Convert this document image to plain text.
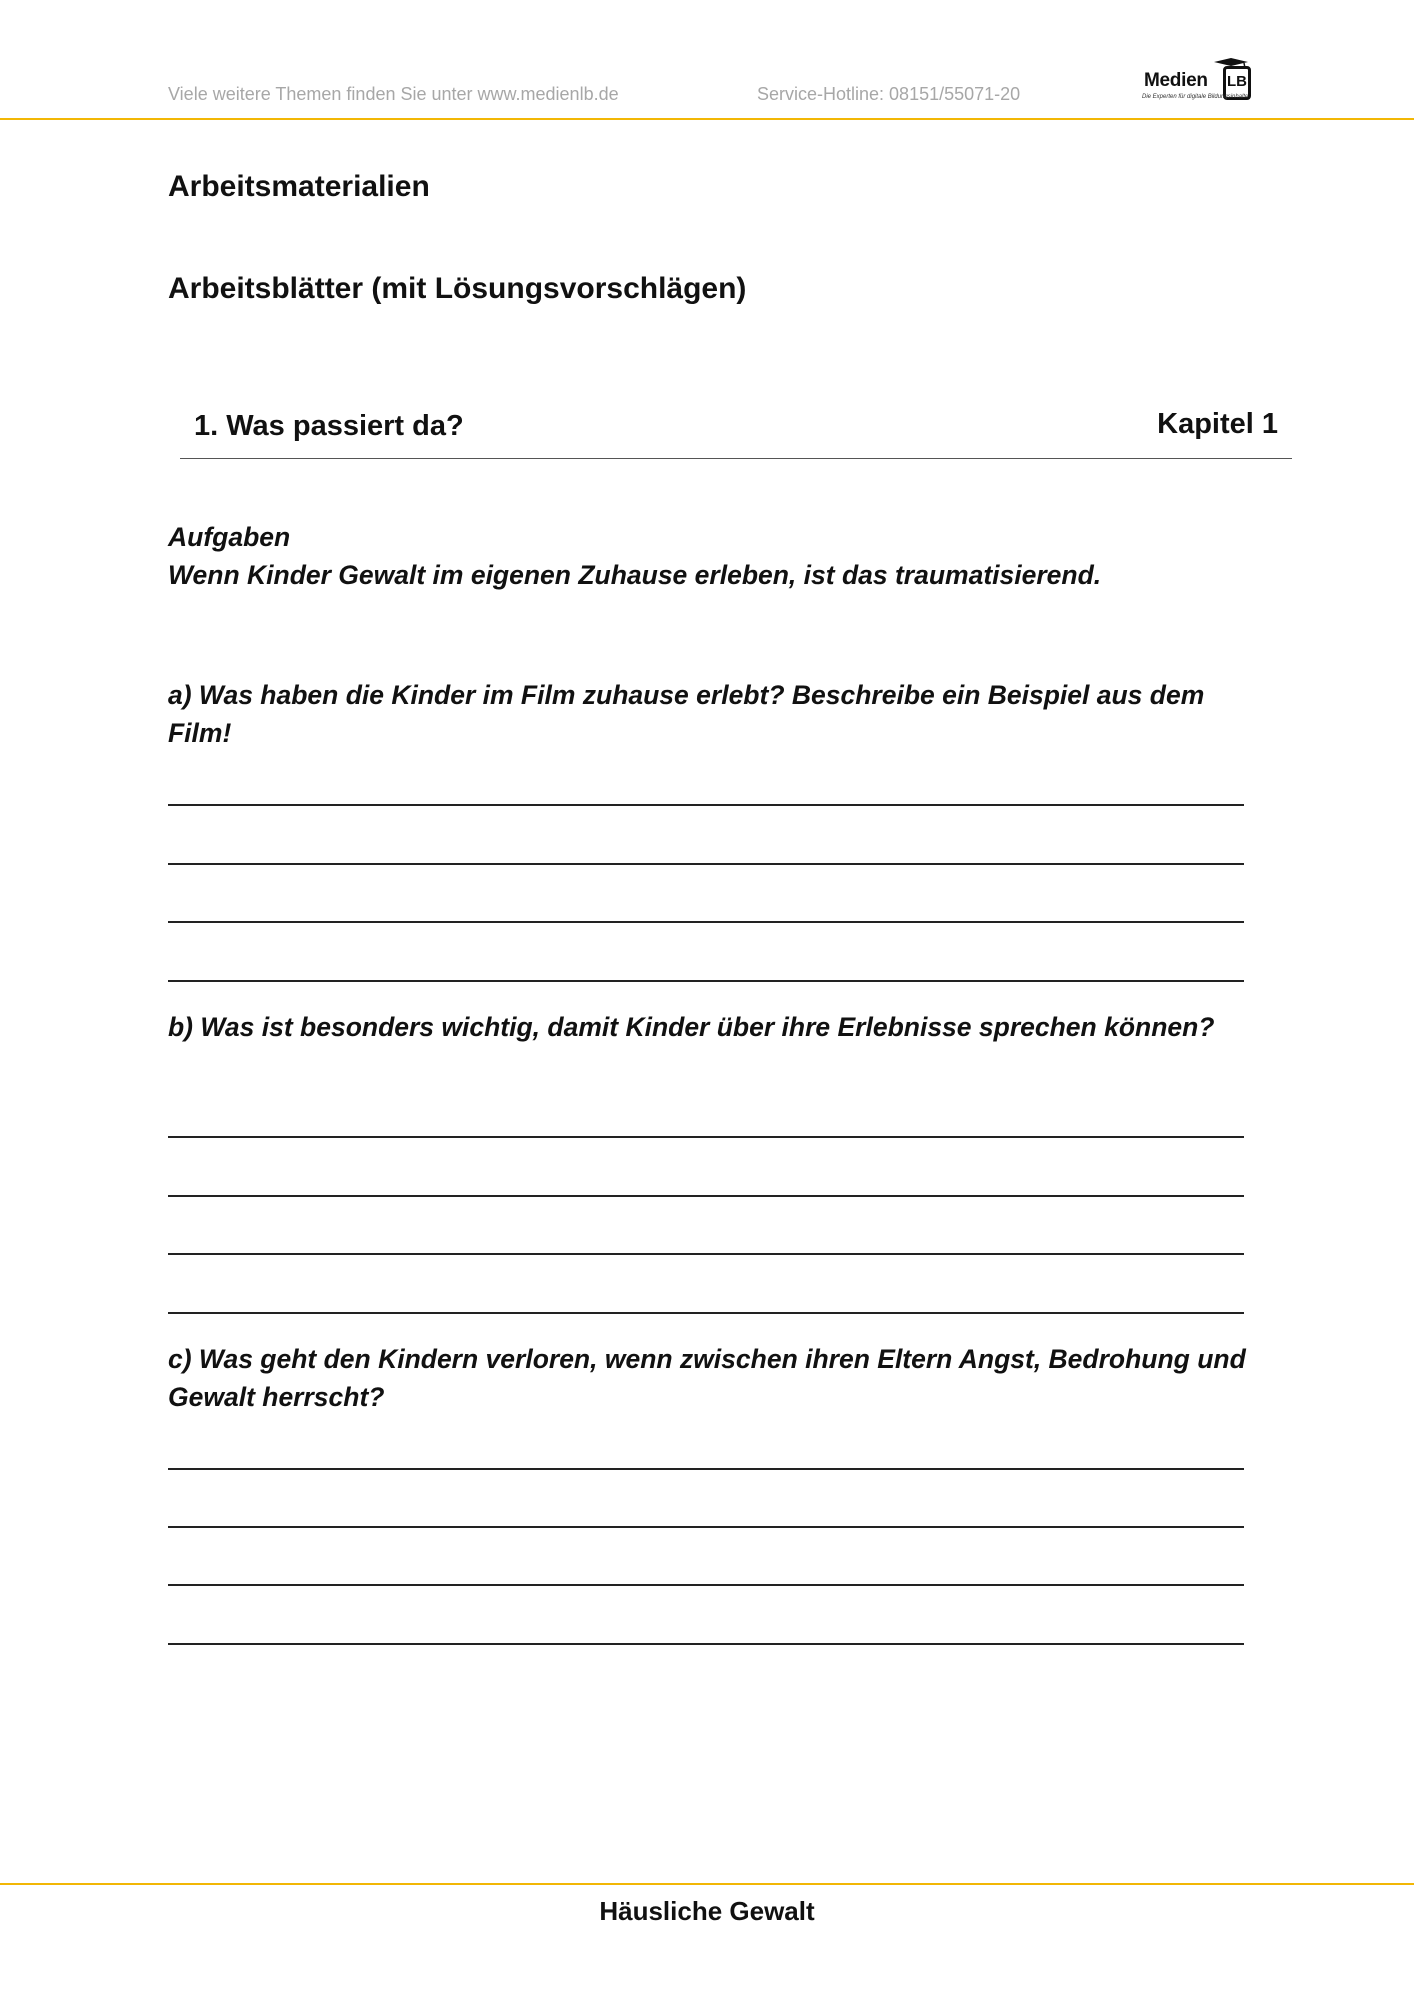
Viele weitere Themen finden Sie unter www.medienlb.de	Service-Hotline: 08151/55071-20
Medien LB
Die Experten für digitale Bildungsinhalte
Arbeitsmaterialien
Arbeitsblätter (mit Lösungsvorschlägen)
1. Was passiert da?	Kapitel 1
Aufgaben
Wenn Kinder Gewalt im eigenen Zuhause erleben, ist das traumatisierend.
a) Was haben die Kinder im Film zuhause erlebt? Beschreibe ein Beispiel aus dem Film!
b) Was ist besonders wichtig, damit Kinder über ihre Erlebnisse sprechen können?
c) Was geht den Kindern verloren, wenn zwischen ihren Eltern Angst, Bedrohung und Gewalt herrscht?
Häusliche Gewalt
